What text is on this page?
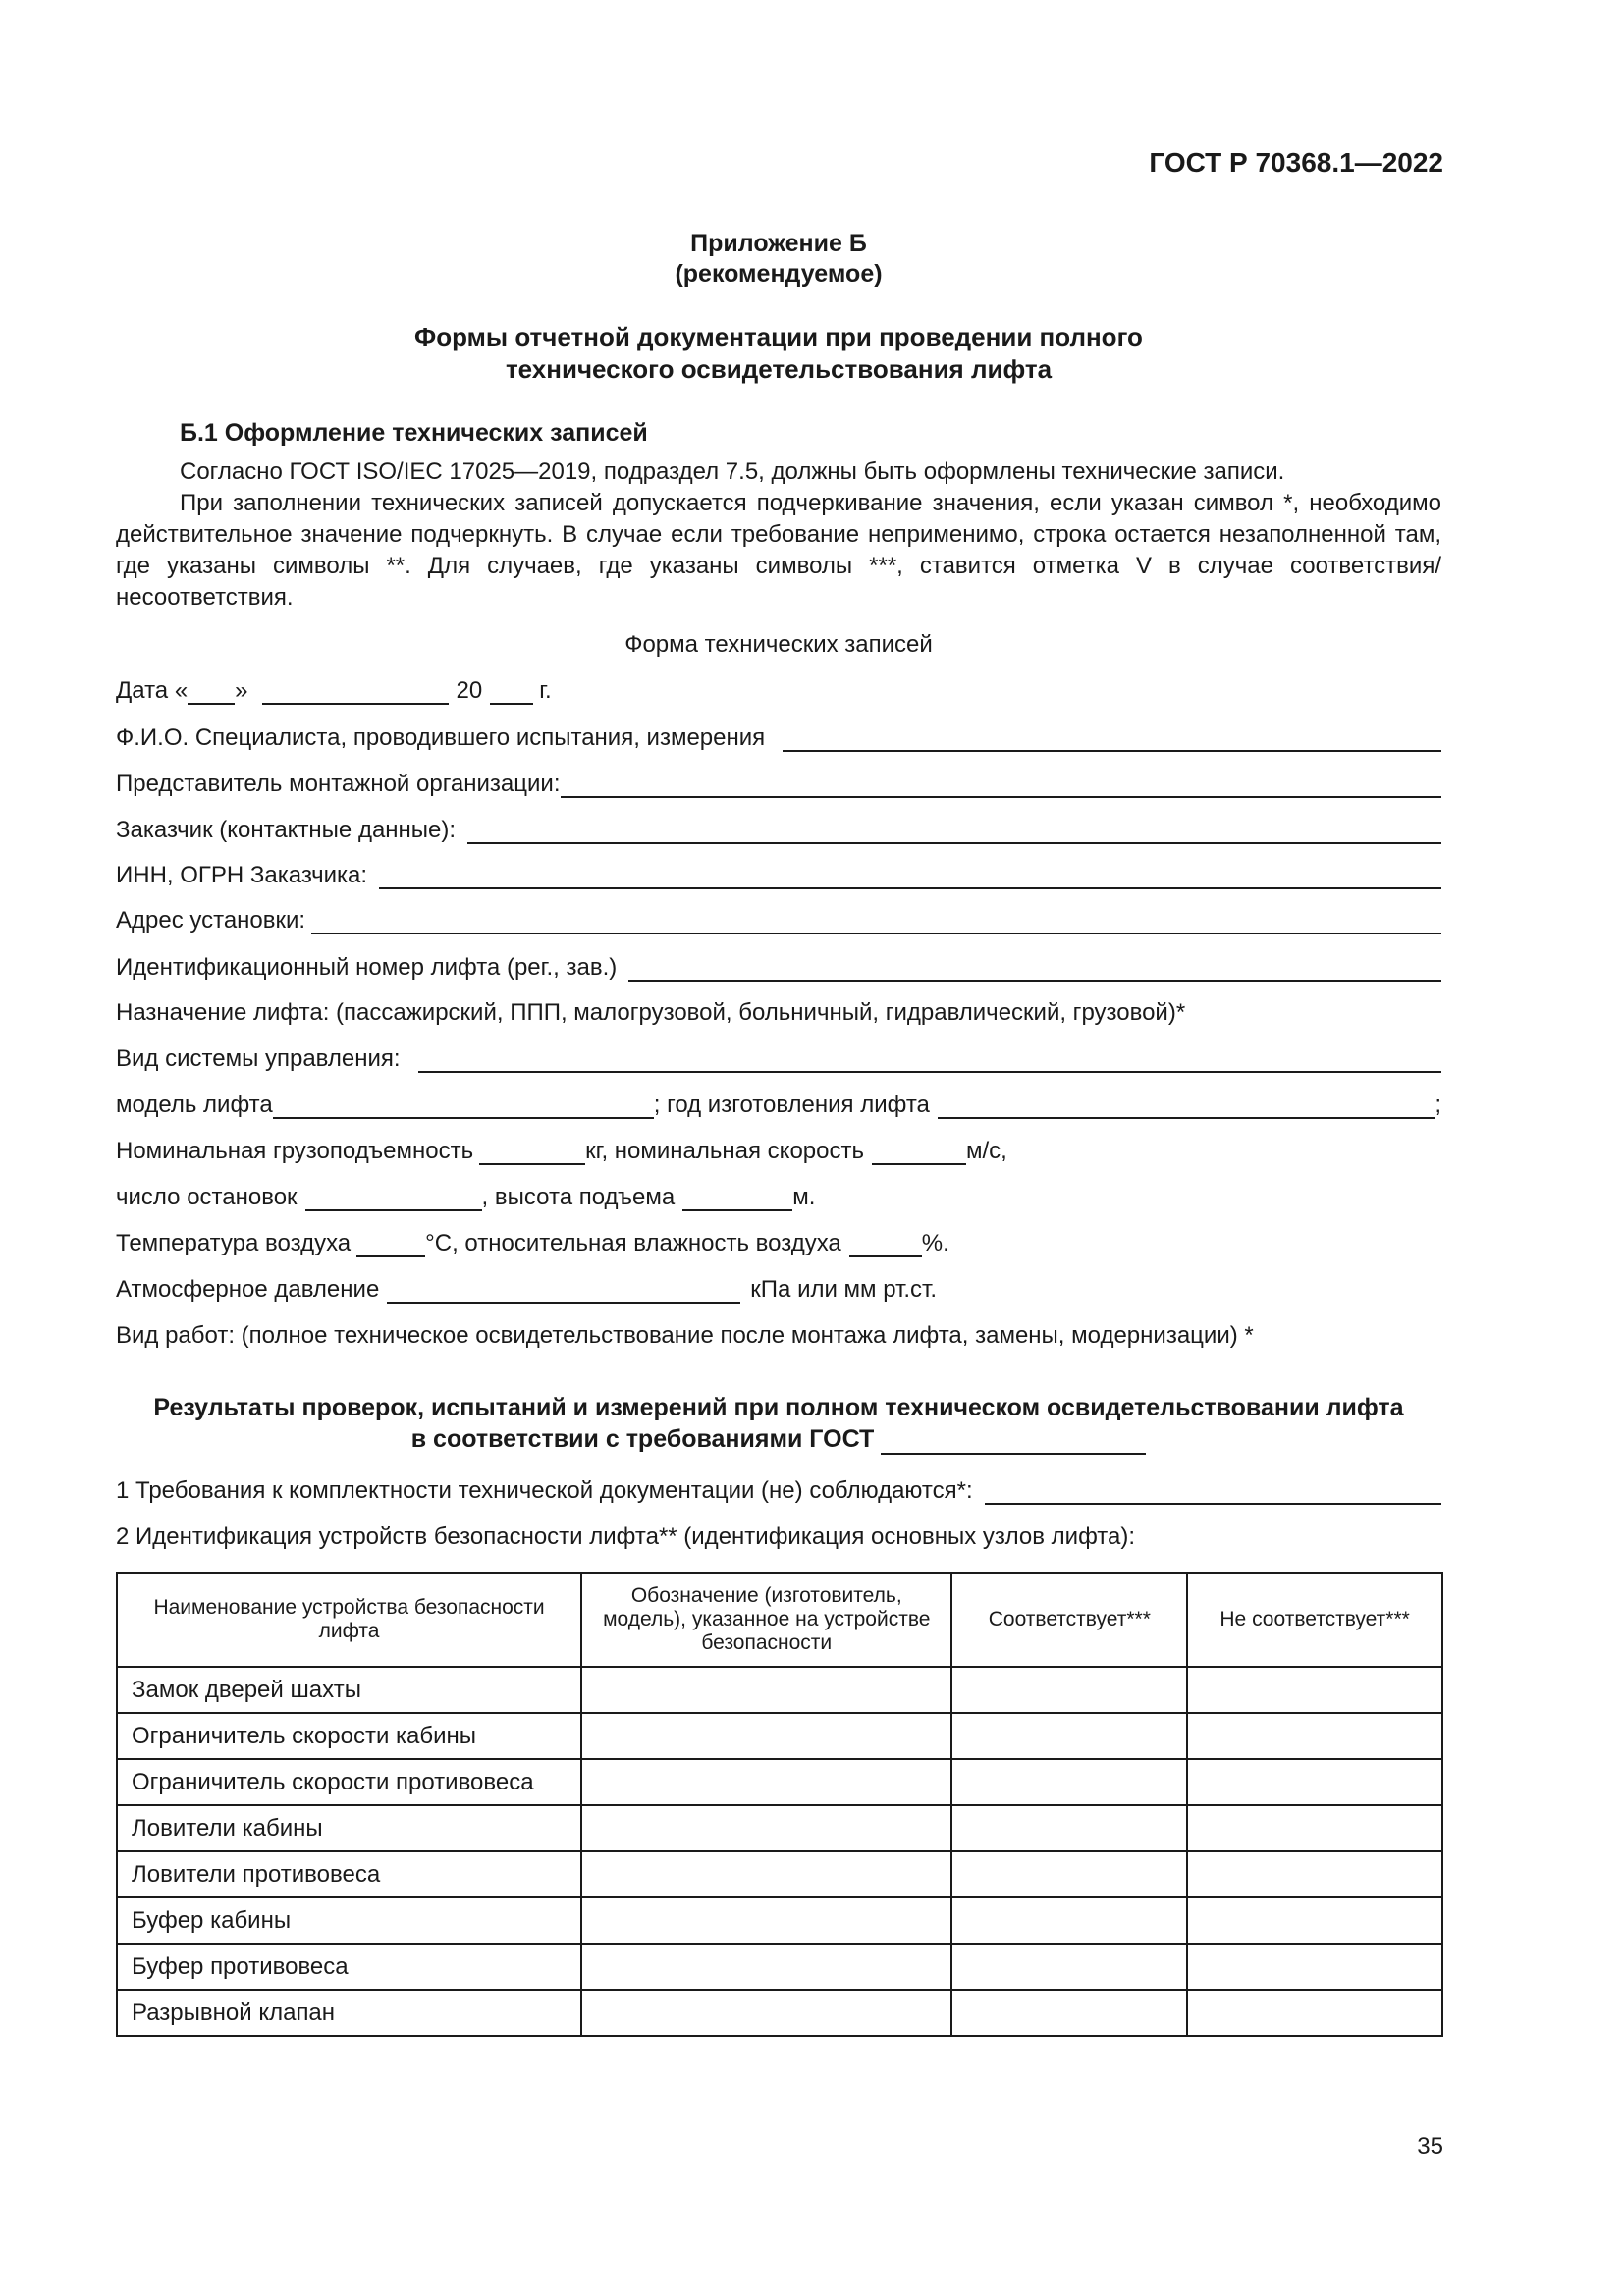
ГОСТ Р 70368.1—2022
Приложение Б
(рекомендуемое)
Формы отчетной документации при проведении полного
технического освидетельствования лифта
Б.1 Оформление технических записей
Согласно ГОСТ ISO/IEC 17025—2019, подраздел 7.5, должны быть оформлены технические записи.
При заполнении технических записей допускается подчеркивание значения, если указан символ *, необходимо действительное значение подчеркнуть. В случае если требование неприменимо, строка остается незаполненной там, где указаны символы **. Для случаев, где указаны символы ***, ставится отметка V в случае соответствия/несоответствия.
Форма технических записей
Дата « »	20 г.
Ф.И.О. Специалиста, проводившего испытания, измерения
Представитель монтажной организации:
Заказчик (контактные данные):
ИНН, ОГРН Заказчика:
Адрес установки:
Идентификационный номер лифта (рег., зав.)
Назначение лифта: (пассажирский, ППП, малогрузовой, больничный, гидравлический, грузовой)*
Вид системы управления:
модель лифта	; год изготовления лифта	;
Номинальная грузоподъемность	кг, номинальная скорость	м/с,
число остановок	, высота подъема	м.
Температура воздуха	°С, относительная влажность воздуха	%.
Атмосферное давление	кПа или мм рт.ст.
Вид работ: (полное техническое освидетельствование после монтажа лифта, замены, модернизации) *
Результаты проверок, испытаний и измерений при полном техническом освидетельствовании лифта
в соответствии с требованиями ГОСТ
1 Требования к комплектности технической документации (не) соблюдаются*:
2 Идентификация устройств безопасности лифта** (идентификация основных узлов лифта):
Наименование устройства безопасности лифта	Обозначение (изготовитель, модель), указанное на устройстве безопасности	Соответствует***	Не соответствует***
Замок дверей шахты			
Ограничитель скорости кабины			
Ограничитель скорости противовеса			
Ловители кабины			
Ловители противовеса			
Буфер кабины			
Буфер противовеса			
Разрывной клапан			
35
